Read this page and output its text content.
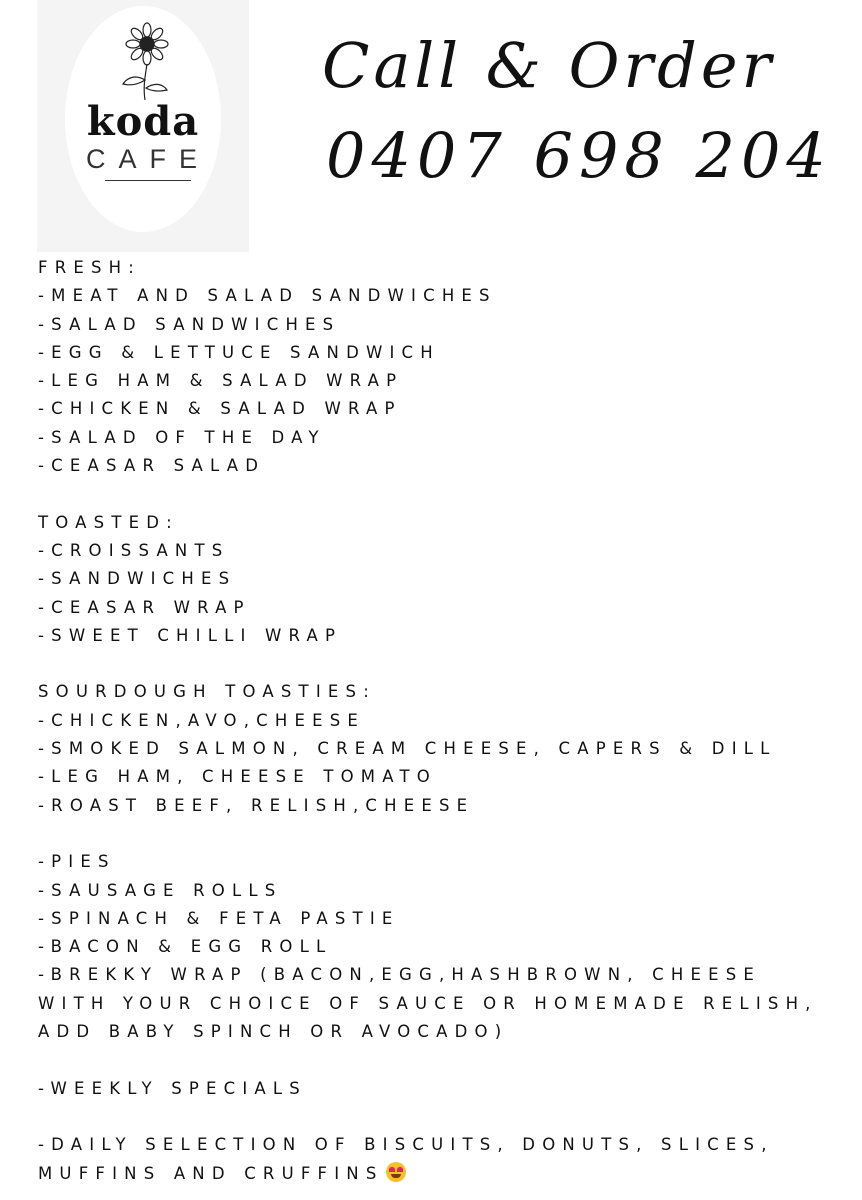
koda
CAFE
Call & Order
0407 698 204
FRESH:
-MEAT AND SALAD SANDWICHES
-SALAD SANDWICHES
-EGG & LETTUCE SANDWICH
-LEG HAM & SALAD WRAP
-CHICKEN & SALAD WRAP
-SALAD OF THE DAY
-CEASAR SALAD
TOASTED:
-CROISSANTS
-SANDWICHES
-CEASAR WRAP
-SWEET CHILLI WRAP
SOURDOUGH TOASTIES:
-CHICKEN,AVO,CHEESE
-SMOKED SALMON, CREAM CHEESE, CAPERS & DILL
-LEG HAM, CHEESE TOMATO
-ROAST BEEF, RELISH,CHEESE
-PIES
-SAUSAGE ROLLS
-SPINACH & FETA PASTIE
-BACON & EGG ROLL
-BREKKY WRAP (BACON,EGG,HASHBROWN, CHEESE
WITH YOUR CHOICE OF SAUCE OR HOMEMADE RELISH,
ADD BABY SPINCH OR AVOCADO)
-WEEKLY SPECIALS
-DAILY SELECTION OF BISCUITS, DONUTS, SLICES,
MUFFINS AND CRUFFINS
